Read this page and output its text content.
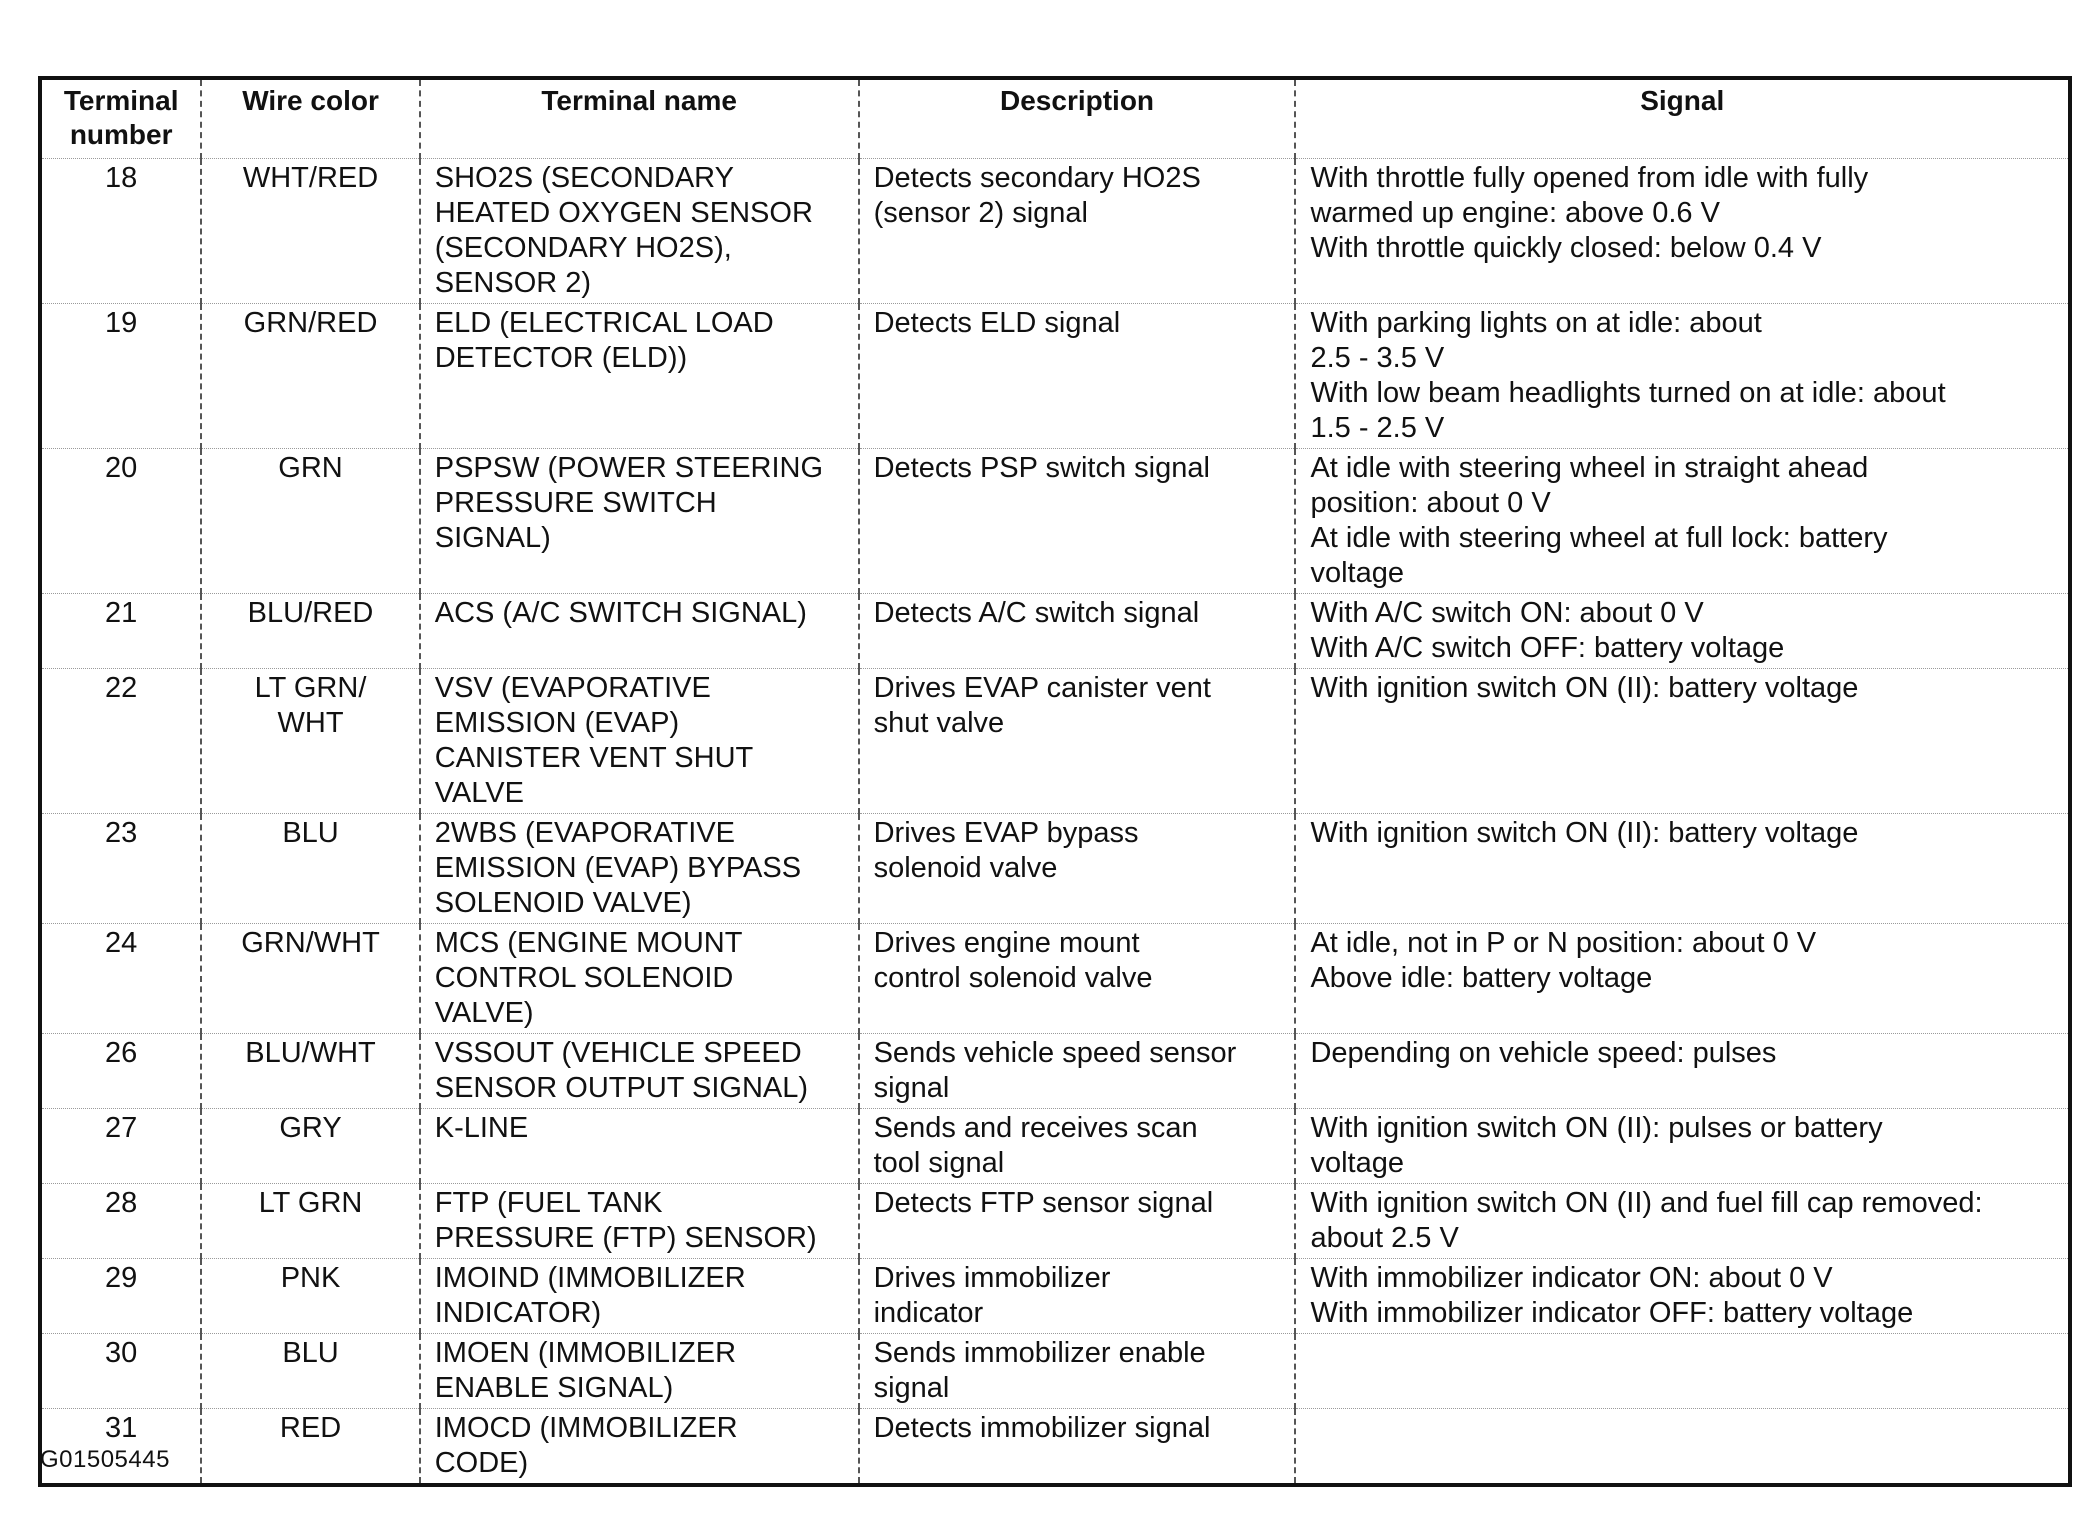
Terminal number	Wire color	Terminal name	Description	Signal
18	WHT/RED	SHO2S (SECONDARY
HEATED OXYGEN SENSOR
(SECONDARY HO2S),
SENSOR 2)	Detects secondary HO2S
(sensor 2) signal	With throttle fully opened from idle with fully
warmed up engine: above 0.6 V
With throttle quickly closed: below 0.4 V

19	GRN/RED	ELD (ELECTRICAL LOAD
DETECTOR (ELD))	Detects ELD signal	With parking lights on at idle: about
2.5 - 3.5 V
With low beam headlights turned on at idle: about
1.5 - 2.5 V

20	GRN	PSPSW (POWER STEERING
PRESSURE SWITCH
SIGNAL)	Detects PSP switch signal	At idle with steering wheel in straight ahead
position: about 0 V
At idle with steering wheel at full lock: battery
voltage

21	BLU/RED	ACS (A/C SWITCH SIGNAL)	Detects A/C switch signal	With A/C switch ON: about 0 V
With A/C switch OFF: battery voltage

22	LT GRN/
WHT	VSV (EVAPORATIVE
EMISSION (EVAP)
CANISTER VENT SHUT
VALVE	Drives EVAP canister vent
shut valve	With ignition switch ON (II): battery voltage

23	BLU	2WBS (EVAPORATIVE
EMISSION (EVAP) BYPASS
SOLENOID VALVE)	Drives EVAP bypass
solenoid valve	With ignition switch ON (II): battery voltage

24	GRN/WHT	MCS (ENGINE MOUNT
CONTROL SOLENOID
VALVE)	Drives engine mount
control solenoid valve	At idle, not in P or N position: about 0 V
Above idle: battery voltage

26	BLU/WHT	VSSOUT (VEHICLE SPEED
SENSOR OUTPUT SIGNAL)	Sends vehicle speed sensor
signal	Depending on vehicle speed: pulses

27	GRY	K-LINE	Sends and receives scan
tool signal	With ignition switch ON (II): pulses or battery
voltage

28	LT GRN	FTP (FUEL TANK
PRESSURE (FTP) SENSOR)	Detects FTP sensor signal	With ignition switch ON (II) and fuel fill cap removed:
about 2.5 V

29	PNK	IMOIND (IMMOBILIZER
INDICATOR)	Drives immobilizer
indicator	With immobilizer indicator ON: about 0 V
With immobilizer indicator OFF: battery voltage

30	BLU	IMOEN (IMMOBILIZER
ENABLE SIGNAL)	Sends immobilizer enable
signal	

31	RED	IMOCD (IMMOBILIZER
CODE)	Detects immobilizer signal	

G01505445
